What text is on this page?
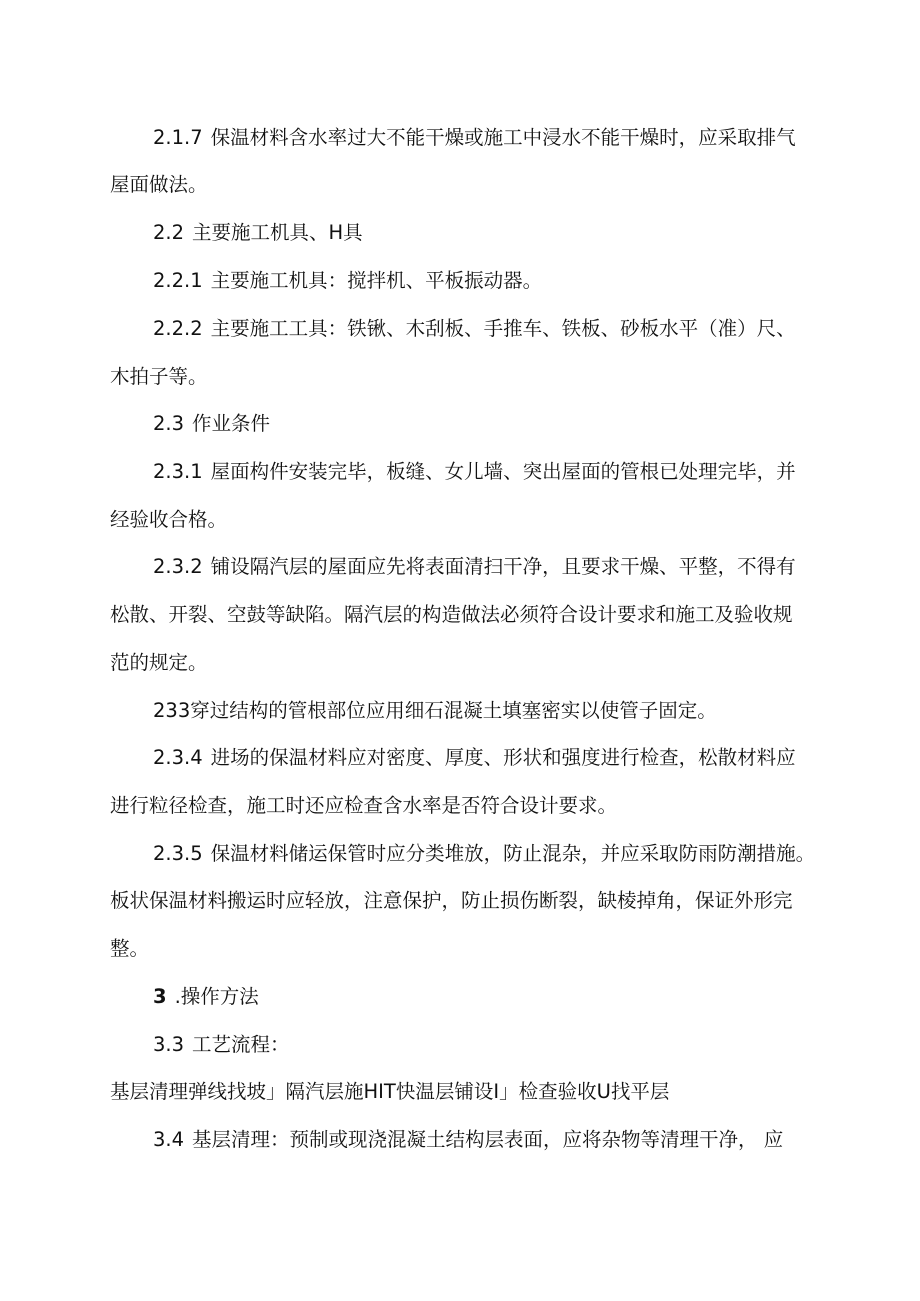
2.1.7 保温材料含水率过大不能干燥或施工中浸水不能干燥时，应采取排气
屋面做法。
2.2 主要施工机具、H具
2.2.1 主要施工机具：搅拌机、平板振动器。
2.2.2 主要施工工具：铁锹、木刮板、手推车、铁板、砂板水平（准）尺、
木拍子等。
2.3 作业条件
2.3.1 屋面构件安装完毕，板缝、女儿墙、突出屋面的管根已处理完毕，并
经验收合格。
2.3.2 铺设隔汽层的屋面应先将表面清扫干净，且要求干燥、平整，不得有
松散、开裂、空鼓等缺陷。隔汽层的构造做法必须符合设计要求和施工及验收规
范的规定。
233穿过结构的管根部位应用细石混凝土填塞密实以使管子固定。
2.3.4 进场的保温材料应对密度、厚度、形状和强度进行检查，松散材料应
进行粒径检查，施工时还应检查含水率是否符合设计要求。
2.3.5 保温材料储运保管时应分类堆放，防止混杂，并应采取防雨防潮措施。
板状保温材料搬运时应轻放，注意保护，防止损伤断裂，缺棱掉角，保证外形完
整。
3 .操作方法
3.3 工艺流程：
基层清理弹线找坡」隔汽层施HIT快温层铺设I」检查验收U找平层
3.4 基层清理：预制或现浇混凝土结构层表面，应将杂物等清理干净， 应
